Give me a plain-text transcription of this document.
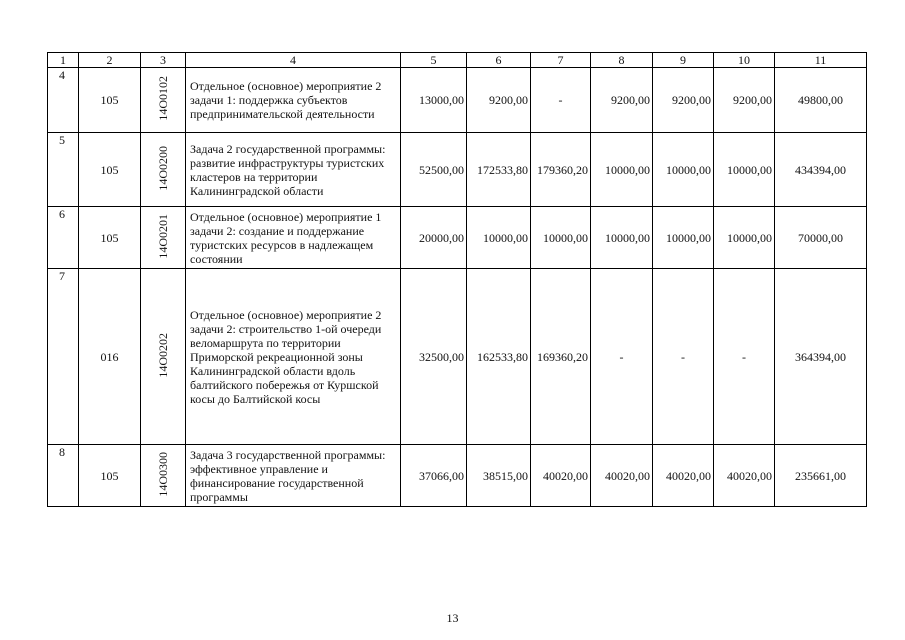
1	2	3	4	5	6	7	8	9	10	11
4	105	14О0102	Отдельное (основное) мероприятие 2 задачи 1: поддержка субъектов предпринимательской деятельности	13000,00	9200,00	-	9200,00	9200,00	9200,00	49800,00
5	105	14О0200	Задача 2 государственной программы: развитие инфраструктуры туристских кластеров на территории Калининградской области	52500,00	172533,80	179360,20	10000,00	10000,00	10000,00	434394,00
6	105	14О0201	Отдельное (основное) мероприятие 1 задачи 2: создание и поддержание туристских ресурсов в надлежащем состоянии	20000,00	10000,00	10000,00	10000,00	10000,00	10000,00	70000,00
7	016	14О0202	Отдельное (основное) мероприятие 2 задачи 2: строительство 1-ой очереди веломаршрута по территории Приморской рекреационной зоны Калининградской области вдоль балтийского побережья от Куршской косы до Балтийской косы	32500,00	162533,80	169360,20	-	-	-	364394,00
8	105	14О0300	Задача 3 государственной программы: эффективное управление и финансирование государственной программы	37066,00	38515,00	40020,00	40020,00	40020,00	40020,00	235661,00
13
